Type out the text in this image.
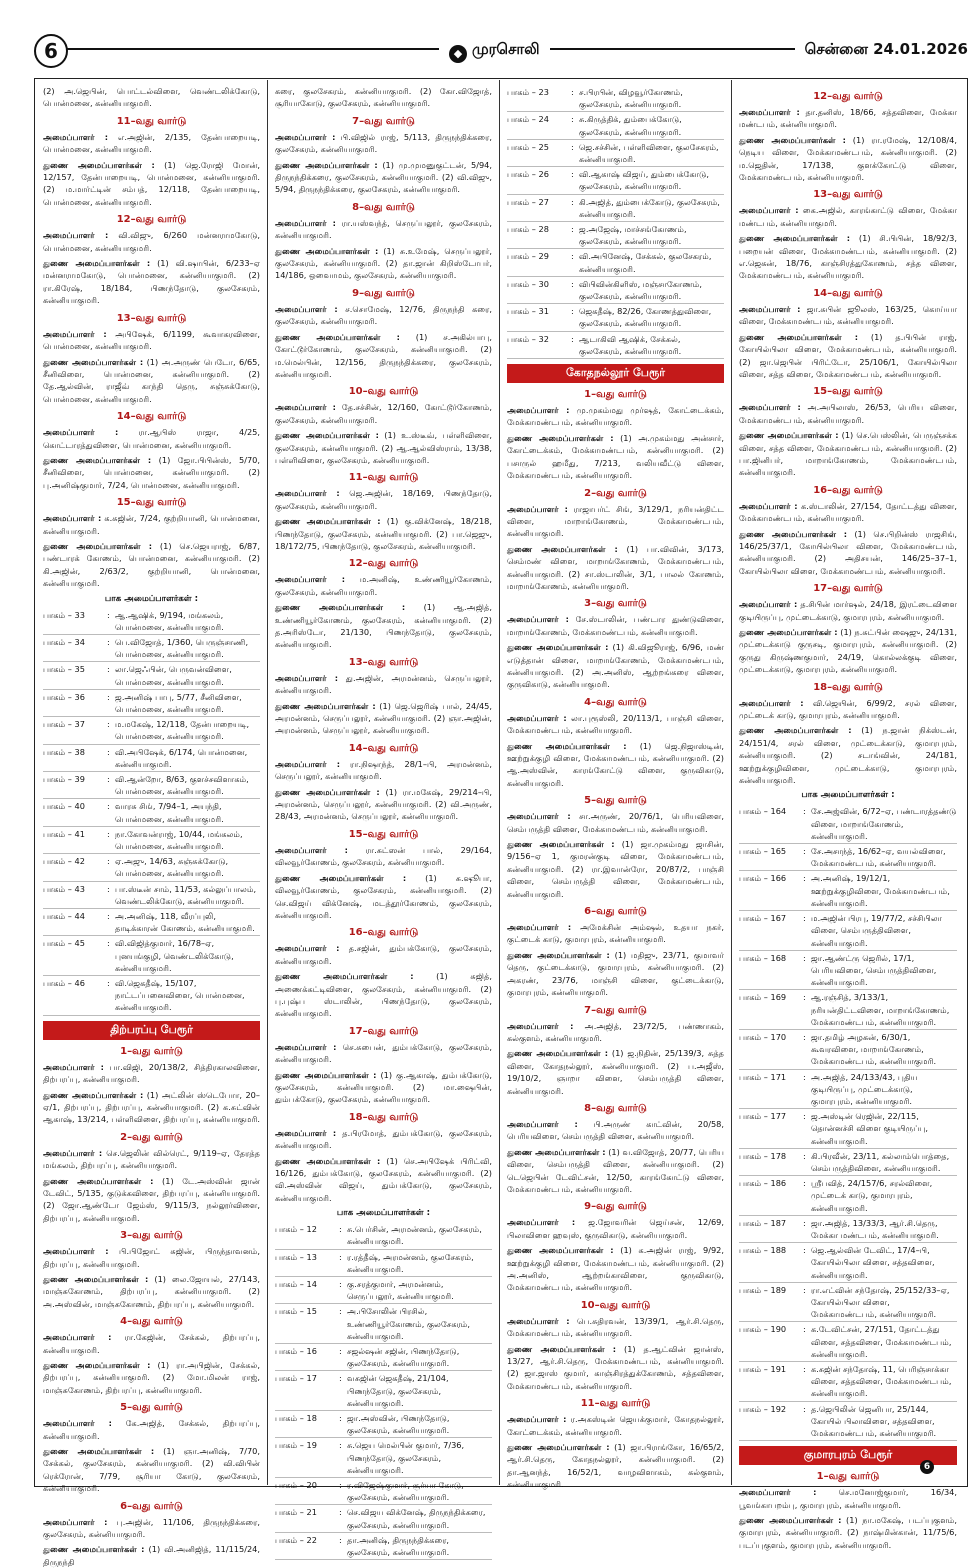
6	◆ முரசொலி	சென்னை 24.01.2026

(2) அ.ஜெபின், பொட்டல்விளை, வெண்டலிக்கோடு, பொன்மனை, கன்னியாகுமரி.

11–வது வார்டு

அமைப்பாளர் : எ.அஜின், 2/135, தேன்பாறையடி, பொன்மனை, கன்னியாகுமரி.

துணை அமைப்பாளர்கள் : (1) ஜெ.ரோஜி மோன், 12/157, தேன்பாறையடி, பொன்மனை, கன்னியாகுமரி. (2) ம.மார்ட்டின் சம்பத், 12/118, தேன்பாறையடி, பொன்மனை, கன்னியாகுமரி.

12–வது வார்டு

அமைப்பாளர் : வி.விஜு, 6/260 மன்னராமகோடு, பொன்மனை, கன்னியாகுமரி.

துணை அமைப்பாளர்கள் : (1) வி.ஷாபின், 6/233–ஏ மன்னராமகோடு, பொன்மனை, கன்னியாகுமரி. (2) ரா.கிரேஷ், 18/184, பிணந்தோடு, குலசேகரம், கன்னியாகுமரி.

13–வது வார்டு

அமைப்பாளர் : அபிஷேக், 6/1199, கூவாகரவிளை, பொன்மனை, கன்னியாகுமரி.

துணை அமைப்பாளர்கள் : (1) அ.அருண் பெடோ, 6/65, சீனிவிளை, பொன்மனை, கன்னியாகுமரி. (2) தே.ஆல்வின், ராஜீவ் காந்தி தெரு, சுஞ்சுக்கோடு, பொன்மனை, கன்னியாகுமரி.

14–வது வார்டு

அமைப்பாளர் : ரா.ஆபிஸ் ராஜா, 4/25, கொட்டாரத்துவிளை, பொன்மனை, கன்னியாகுமரி.

துணை அமைப்பாளர்கள் : (1) ஜோ.பிபின்ஸ், 5/70, சீனிவிளை, பொன்மனை, கன்னியாகுமரி. (2) பு.அனிஷ்குமார், 7/24, பொன்மனை, கன்னியாகுமரி.

15–வது வார்டு

அமைப்பாளர் : க.சுஜின், 7/24, குற்றியானி, பொன்மனை, கன்னியாகுமரி.

துணை அமைப்பாளர்கள் : (1) செ.ஜெயராஜ், 6/87, பண்டாரக் கோணம், பொன்மனை, கன்னியாகுமரி. (2) கி.அஜின், 2/63/2, குற்றியானி, பொன்மனை, கன்னியாகுமரி.

பாக அமைப்பாளர்கள் :
பாகம் – 33	: ஆ.ஆஷிக், 9/194, மங்கலம், பொன்மனை, கன்னியாகுமரி.
பாகம் – 34	: பெ.விஜோத், 1/360, பெருஞ்சாணி, பொன்மனை, கன்னியாகுமரி.
பாகம் – 35	: லா.ஜெஃபின், பெருவன்விளை, பொன்மனை, கன்னியாகுமரி.
பாகம் – 36	: ஜ.அனிஷ் பாபு, 5/77, சீனிவிளை, பொன்மனை, கன்னியாகுமரி.
பாகம் – 37	: ம.மகேஷ், 12/118, தேன்பாறையடி, பொன்மனை, கன்னியாகுமரி.
பாகம் – 38	: வி.அபிஷேக், 6/174, பொன்மனை, கன்னியாகுமரி.
பாகம் – 39	: வி.ஆன்றோ, 8/63, குளச்சவிளாகம், பொன்மனை, கன்னியாகுமரி.
பாகம் – 40	: வாரசு சிங், 7/94–1, அயந்தி, பொன்மனை, கன்னியாகுமரி.
பாகம் – 41	: நா.கோவன்ராஜ், 10/44, மங்கலம், பொன்மனை, கன்னியாகுமரி.
பாகம் – 42	: ஏ.அஜு, 14/63, சுஞ்சுக்கோடு, பொன்மனை, கன்னியாகுமரி.
பாகம் – 43	: பா.ஸ்டீன் சாம், 11/53, கல்லுப்பாலம், வெண்டலிக்கோடு, கன்னியாகுமரி.
பாகம் – 44	: அ.அனிஷ், 118, வீரப்புலி, தாடிக்காரன் கோணம், கன்னியாகுமரி.
பாகம் – 45	: வி.விஜித்குமார், 16/78–ஏ, புனயங்குழி, வெண்டலிக்கோடு, கன்னியாகுமரி.
பாகம் – 46	: வி.ஜெகதீஷ், 15/107, நாட்டப்பனைவிளை, பொன்மனை, கன்னியாகுமரி.
திற்பரப்பு பேரூர்
1–வது வார்டு

அமைப்பாளர் : பா.விஜி, 20/138/2, சித்திரகாலவிளை, திற்பரப்பு, கன்னியாகுமரி.

துணை அமைப்பாளர்கள் : (1) அட்லின் ஸ்டெபோா, 20–ஏ/1, திற்பரப்பு, திற்பரப்பு, கன்னியாகுமரி. (2) க.சுட்வின் ஆகாஷ், 13/214, பள்ளிவிளை, திற்பரப்பு, கன்னியாகுமரி.

2–வது வார்டு

அமைப்பாளர் : செ.ஜெலின் வில்ரெட், 9/119–ஏ, தேரத்த மங்கலம், திற்பரப்பு, கன்னியாகுமரி.

துணை அமைப்பாளர்கள் : (1) டே.அஸ்வின் ஜான் டேவிட், 5/135, குடுக்கவிளை, திற்பரப்பு, கன்னியாகுமரி. (2) ஜோ.ஆண்டோ ஜேம்ஸ், 9/115/3, நல்லூர்விளை, திற்பரப்பு, கன்னியாகுமரி.

3–வது வார்டு

அமைப்பாளர் : பி.பிஜோட் சுஜின், பிருந்தாவனம், திற்பரப்பு, கன்னியாகுமரி.

துணை அமைப்பாளர்கள் : (1) லை.ஜோயல், 27/143, மாஞ்சுகோணம், திற்பரப்பு, கன்னியாகுமரி. (2) அ.அஸ்வின், மாஞ்சுகோணம், திற்பரப்பு, கன்னியாகுமரி.

4–வது வார்டு

அமைப்பாளர் : ரா.கேஜின், சேக்கல், திற்பரப்பு, கன்னியாகுமரி.

துணை அமைப்பாளர்கள் : (1) ரா.அபிஜின், சேக்கல், திற்பரப்பு, கன்னியாகுமரி. (2) மோ.மிலன் ராஜ், மாஞ்சுகோணம், திற்பரப்பு, கன்னியாகுமரி.

5–வது வார்டு

அமைப்பாளர் : கே.அஜித், சேக்கல், திற்பரப்பு, கன்னியாகுமரி.

துணை அமைப்பாளர்கள் : (1) ஞா.அனிஷ், 7/70, சேக்கல், குலசேகரம், கன்னியாகுமரி. (2) வி.விபின் ரெக்ரோன், 7/79, சூரியா கோடு, குலசேகரம், கன்னியாகுமரி.

6–வது வார்டு

அமைப்பாளர் : பு.அஜின், 11/106, திருநந்திக்கரை, குலசேகரம், கன்னியாகுமரி.

துணை அமைப்பாளர்கள் : (1) வி.அனிஜித், 11/115/24, திருநந்தி

கரை, குலசேகரம், கன்னியாகுமரி. (2) கோ.விஜோத், சூரியாகோடு, குலசேகரம், கன்னியாகுமரி.

7–வது வார்டு

அமைப்பாளர் : பி.விஜில் ராஜ், 5/113, திருநந்திக்கரை, குலசேகரம், கன்னியாகுமரி.

துணை அமைப்பாளர்கள் : (1) மு.முமனுகுட்டன், 5/94, திருநந்திக்கரை, குலசேகரம், கன்னியாகுமரி. (2) வி.விஜு, 5/94, திருநந்திக்கரை, குலசேகரம், கன்னியாகுமரி.

8–வது வார்டு

அமைப்பாளர் : ரா.யஸ்வந்த், செருப்பலூர், குலசேகரம், கன்னியாகுமரி.

துணை அமைப்பாளர்கள் : (1) சு.உமேஷ், செருப்பலூர், குலசேகரம், கன்னியாகுமரி. (2) தா.ஜான் கிறிஸ்டோபர், 14/186, ஒவைாமம், குலசேகரம், கன்னியாகுமரி.

9–வது வார்டு

அமைப்பாளர் : ச.சொமேஷ், 12/76, திருநந்தி கரை, குலசேகரம், கன்னியாகுமரி.

துணை அமைப்பாளர்கள் : (1) ச.அகில்பாபு, கோட்டூர்கோணம், குலசேகரம், கன்னியாகுமரி. (2) ம.மெல்பின், 12/156, திருநந்திக்கரை, குலசேகரம், கன்னியாகுமரி.

10–வது வார்டு

அமைப்பாளர் : தே.சச்சின், 12/160, கோட்டூர்கோணம், குலசேகரம், கன்னியாகுமரி.

துணை அமைப்பாளர்கள் : (1) உ.ஸ்டீவ், பள்ளிவிளை, குலசேகரம், கன்னியாகுமரி. (2) ஆ.ஆல்விஸ்ராம், 13/38, பள்ளிவிளை, குலசேகரம், கன்னியாகுமரி.

11–வது வார்டு

அமைப்பாளர் : ஜெ.அஜின், 18/169, பிணந்தோடு, குலசேகரம், கன்னியாகுமரி.

துணை அமைப்பாளர்கள் : (1) கு.விக்னேஷ், 18/218, பிணந்தோடு, குலசேகரம், கன்னியாகுமரி. (2) பா.ஜெஜு, 18/172/75, பிணந்தோடு, குலசேகரம், கன்னியாகுமரி.

12–வது வார்டு

அமைப்பாளர் : ம.அனிஷ், உண்ணியூர்கோணம், குலசேகரம், கன்னியாகுமரி.

துணை அமைப்பாளர்கள் : (1) ஆ.அஜித், உண்ணியூர்கோணம், குலசேகரம், கன்னியாகுமரி. (2) த.அரிஸ்டோ, 21/130, பிணந்தோடு, குலசேகரம், கன்னியாகுமரி.

13–வது வார்டு

அமைப்பாளர் : து.அஜின், அரமன்னம், செருப்பலூர், கன்னியாகுமரி.

துணை அமைப்பாளர்கள் : (1) ஜெ.ஜெரிஷ் பால், 24/45, அரமன்னம், செருப்பலூர், கன்னியாகுமரி. (2) ஞா.அஜின், அரமன்னம், செருப்பலூர், கன்னியாகுமரி.

14–வது வார்டு

அமைப்பாளர் : ரா.நிஷாந்த், 28/1–பி, அரமன்னம், செருப்பலூர், கன்னியாகுமரி.

துணை அமைப்பாளர்கள் : (1) ரா.மகேஷ், 29/214–பி, அரமன்னம், செருப்பலூர், கன்னியாகுமரி. (2) வி.அருண், 28/43, அரமன்னம், செருப்பலூர், கன்னியாகுமரி.

15–வது வார்டு

அமைப்பாளர் : ரா.சுட்ஸன் பால், 29/164, விலவூர்கோணம், குலசேகரம், கன்னியாகுமரி.

துணை அமைப்பாளர்கள் : (1) சு.ஷூபா, விலவூர்கோணம், குலசேகரம், கன்னியாகுமரி. (2) செ.விஜய் விக்னேஷ், மடத்தூர்கோணம், குலசேகரம், கன்னியாகுமரி.

16–வது வார்டு

அமைப்பாளர் : த.சஜின், தும்பக்கோடு, குலசேகரம், கன்னியாகுமரி.

துணை அமைப்பாளர்கள் : (1) சுஜித், அணைக்கட்டிவிளை, குலசேகரம், கன்னியாகுமரி. (2) பு.புஷ்ப ஸ்டாலின், பிணந்தோடு, குலசேகரம், கன்னியாகுமரி.

17–வது வார்டு

அமைப்பாளர் : செ.சுபைன், தும்பக்கோடு, குலசேகரம், கன்னியாகுமரி.

துணை அமைப்பாளர்கள் : (1) கு.ஆகாஷ், தும்பக்கோடு, குலசேகரம், கன்னியாகுமரி. (2) மா.ஷைபின், தும்பக்கோடு, குலசேகரம், கன்னியாகுமரி.

18–வது வார்டு

அமைப்பாளர் : த.பிரமோத், தும்பக்கோடு, குலசேகரம், கன்னியாகுமரி.

துணை அமைப்பாளர்கள் : (1) செ.அபிஷேக் பிரிட்வி, 16/126, தும்பக்கோடு, குலசேகரம், கன்னியாகுமரி. (2) வி.அஸ்வின் விஜய், தும்பக்கோடு, குலசேகரம், கன்னியாகுமரி.

பாக அமைப்பாளர்கள் :
பாகம் – 12	: சு.பெர்சின், அரமன்னம், குலசேகரம், கன்னியாகுமரி.
பாகம் – 13	: ர.ரத்தீஷ், அரமன்னம், குலசேகரம், கன்னியாகுமரி.
பாகம் – 14	: கு.சரத்குமார், அரமன்னம், செருப்பலூர், கன்னியாகுமரி.
பாகம் – 15	: அ.பிசோலின் பிரசில், உண்ணியூர்கோணம், குலசேகரம், கன்னியாகுமரி.
பாகம் – 16	: சஜல்ஷன் சஜின், பிணந்தோடு, குலசேகரம், கன்னியாகுமரி.
பாகம் – 17	: வசுஜின் ஜெகதீஷ், 21/104, பிணந்தோடு, குலசேகரம், கன்னியாகுமரி.
பாகம் – 18	: ஜா.அஸ்வின், பிணந்தோடு, குலசேகரம், கன்னியாகுமரி.
பாகம் – 19	: சு.ஜெய மெல்பின் குமார், 7/36, பிணந்தோடு, குலசேகரம், கன்னியாகுமரி.
பாகம் – 20	: ர.விஜேஷ்குமார், சூர்யா கோடு, குலசேகரம், கன்னியாகுமரி.
பாகம் – 21	: செ.விஜய விக்னேஷ், திருநந்திக்கரை, குலசேகரம், கன்னியாகுமரி.
பாகம் – 22	: தா.அனிஷ், திருநந்திக்கரை, குலசேகரம், கன்னியாகுமரி.
பாகம் – 23	: ச.பிரபின், விழவூர்கோணம், குலசேகரம், கன்னியாகுமரி.
பாகம் – 24	: சு.கிருத்திக், தும்பைக்கோடு, குலசேகரம், கன்னியாகுமரி.
பாகம் – 25	: ஜெ.சச்சின், பள்ளிவிளை, குலசேகரம், கன்னியாகுமரி.
பாகம் – 26	: வி.ஆகாஷ் விஜய், தும்பைக்கோடு, குலசேகரம், கன்னியாகுமரி.
பாகம் – 27	: கி.அஜித், தும்பைக்கோடு, குலசேகரம், கன்னியாகுமரி.
பாகம் – 28	: ஜ.அஜேஷ், மாச்சங்கோணம், குலசேகரம், கன்னியாகுமரி.
பாகம் – 29	: வி.அபினேஷ், சேக்கல், குலசேகரம், கன்னியாகுமரி.
பாகம் – 30	: விபிவின்கிளிஸ், மஞ்சாகோணம், குலசேகரம், கன்னியாகுமரி.
பாகம் – 31	: ஜெகதீஷ், 82/26, கோணத்துவிளை, குலசேகரம், கன்னியாகுமரி.
பாகம் – 32	: ஆடாகிவி ஆஷிக், சேக்கல், குலசேகரம், கன்னியாகுமரி.
கோதநல்லூர் பேரூர்
1–வது வார்டு

அமைப்பாளர் : மு.முகம்மது முர்ஷத், கோட்டைக்கம், மேக்காமண்டபம், கன்னியாகுமரி.

துணை அமைப்பாளர்கள் : (1) அ.முகம்மது அன்சார், கோட்டைக்கம், மேக்காமண்டபம், கன்னியாகுமரி. (2) பசாருல் ஹமீது, 7/213, வலியவீட்டு விளை, மேக்காமண்டபம், கன்னியாகுமரி.

2–வது வார்டு

அமைப்பாளர் : ராஜாபர்ட் சிங், 3/129/1, நரியன்திட்ட விளை, மாறாங்கோணம், மேக்காமண்டபம், கன்னியாகுமரி.

துணை அமைப்பாளர்கள் : (1) பா.விவின், 3/173, செம்மண் விளை, மாறாங்கோணம், மேக்காமண்டபம், கன்னியாகுமரி. (2) சா.ஸ்டாலின், 3/1, பாலல் கோணம், மாறாங்கோணம், கன்னியாகுமரி.

3–வது வார்டு

அமைப்பாளர் : சே.ஸ்டாலின், பண்டார துண்டுவிளை, மாறாங்கோணம், மேக்காமண்டபம், கன்னியாகுமரி.

துணை அமைப்பாளர்கள் : (1) கி.விஜூராஜ், 6/96, மண் எடுத்தான் விளை, மாறாங்கோணம், மேக்காமண்டபம், கன்னியாகுமரி. (2) அ.அனிஸ், ஆற்றங்கரை விளை, குருவிகாடு, கன்னியாகுமரி.

4–வது வார்டு

அமைப்பாளர் : லா.புரூஸ்லி, 20/113/1, பாஞ்சி விளை, மேக்காமண்டபம், கன்னியாகுமரி.

துணை அமைப்பாளர்கள் : (1) ஜெ.நிஜாஸ்டின், ஊற்றுக்குழி விளை, மேக்காமண்டபம், கன்னியாகுமரி. (2) ஆ.அஸ்வின், காரங்கோட்டு விளை, குருவிகாடு, கன்னியாகுமரி.

5–வது வார்டு

அமைப்பாளர் : சா.அருண், 20/76/1, பெரியவிளை, செம்பருத்தி விளை, மேக்காமண்டபம், கன்னியாகுமரி.

துணை அமைப்பாளர்கள் : (1) ஜா.முகம்மது ஜாசின், 9/156–ஏ 1, குமரன்குடி விளை, மேக்காமண்டபம், கன்னியாகுமரி. (2) ரா.இவான்ரோ, 20/87/2, பாஞ்சி விளை, செம்பருத்தி விளை, மேக்காமண்டபம், கன்னியாகுமரி.

6–வது வார்டு

அமைப்பாளர் : அமேக்சின் அம்ஷல், உதயா நகர், குட்டைக் காடு, குமாரபுரம், கன்னியாகுமரி.

துணை அமைப்பாளர்கள் : (1) மதிஜு, 23/71, குமாவர் தெரு, குட்டைக்காடு, குமாரபுரம், கன்னியாகுமரி. (2) அகரண், 23/76, மாஞ்சி விளை, குட்டைக்காடு, குமாரபுரம், கன்னியாகுமரி.

7–வது வார்டு

அமைப்பாளர் : அ.அஜித், 23/72/5, பண்ணாகம், கல்குளம், கன்னியாகுமரி.

துணை அமைப்பாளர்கள் : (1) ஜ.நிதின், 25/139/3, சுத்த விளை, கோதநல்லூர், கன்னியாகுமரி. (2) ப.அஜீஸ், 19/10/2, ஞாறா விளை, செம்பருத்தி விளை, கன்னியாகுமரி.

8–வது வார்டு

அமைப்பாளர் : பி.அருண் காட்வின், 20/58, பெரியவிளை, செம்பருத்தி விளை, கன்னியாகுமரி.

துணை அமைப்பாளர்கள் : (1) வ.விஜோத், 20/77, பெரிய விளை, செம்பருத்தி விளை, கன்னியாகுமரி. (2) டெஜெபின் டேவிட்சன், 12/50, காரங்கோட்டு விளை, மேக்காமண்டபம், கன்னியாகுமரி.

9–வது வார்டு

அமைப்பாளர் : ஜ.ஜோவரின் ஜெய்சன், 12/69, பிலாவிளை ஹவுஸ், குருவிகாடு, கன்னியாகுமரி.

துணை அமைப்பாளர்கள் : (1) க.அஜின் ராஜ், 9/92, ஊற்றுக்குழி விளை, மேக்காமண்டபம், கன்னியாகுமரி. (2) அ.அனிஸ், ஆற்றங்காவிளை, குருவிகாடு, மேக்காமண்டபம், கன்னியாகுமரி.

10–வது வார்டு

அமைப்பாளர் : பெ.சுதிரவன், 13/39/1, ஆர்.சி.தெரு, மேக்காமண்டபம், கன்னியாகுமரி.

துணை அமைப்பாளர்கள் : (1) த.ஆட்வின் ஜான்ஸ், 13/27, ஆர்.சி.தெரு, மேக்காமண்டபம், கன்னியாகுமரி. (2) ஜா.ஜாஸ் குமார், காஞ்சிரத்துக்கோணம், சத்தவிளை, மேக்காமண்டபம், கன்னியாகுமரி.

11–வது வார்டு

அமைப்பாளர் : ர.அகஸ்டின் ஜெயக்குமார், கோதநல்லூர், கோட்டைக்கம், கன்னியாகுமரி.

துணை அமைப்பாளர்கள் : (1) ஜா.பிராங்கோ, 16/65/2, ஆர்.சி.தெரு, கோதநல்லூர், கன்னியாகுமரி. (2) தா.ஆனந்த், 16/52/1, வாழவிளாகம், கல்குளம், கன்னியாகுமரி.

12–வது வார்டு

அமைப்பாளர் : தா.தனிஸ், 18/66, சத்தவிளை, மேக்கா மண்டபம், கன்னியாகுமரி.

துணை அமைப்பாளர்கள் : (1) ரா.ரமேஷ், 12/108/4, நெடிய விளை, மேக்காமண்டபம், கன்னியாகுமரி. (2) ம.ஜெதின், 17/138, குளக்கோட்டு விளை, மேக்காமண்டபம், கன்னியாகுமரி.

13–வது வார்டு

அமைப்பாளர் : கை.அஜில், காரங்காட்டு விளை, மேக்கா மண்டபம், கன்னியாகுமரி.

துணை அமைப்பாளர்கள் : (1) சி.பிபின், 18/92/3, பறையன் விளை, மேக்காமண்டபம், கன்னியாகுமரி. (2) எ.ஜெகன், 18/76, காஞ்சிரத்துகோணம், சத்த விளை, மேக்காமண்டபம், கன்னியாகுமரி.

14–வது வார்டு

அமைப்பாளர் : ஜா.சுபின் ஜூலஸ், 163/25, கொய்யா விளை, மேக்காமண்டபம், கன்னியாகுமரி.

துணை அமைப்பாளர்கள் : (1) த.பிபின் ராஜ், கோயில்பிலா விளை, மேக்காமண்டபம், கன்னியாகுமரி. (2) ஜா.ஜெபின் பிரிட்டோ, 25/106/1, கோயில்பிலா விளை, சத்த விளை, மேக்காமண்டபம், கன்னியாகுமரி.

15–வது வார்டு

அமைப்பாளர் : அ.அபிலாஸ், 26/53, பெரிய விளை, மேக்காமண்டபம், கன்னியாகுமரி.

துணை அமைப்பாளர்கள் : (1) செ.பெஸ்லின், பெருஞ்சக்க விளை, சத்த விளை, மேக்காமண்டபம், கன்னியாகுமரி. (2) பா.ஜினிபர், மாறாங்கோணம், மேக்காமண்டபம், கன்னியாகுமரி.

16–வது வார்டு

அமைப்பாளர் : க.ஸ்டாலின், 27/154, தோட்டத்து விளை, மேக்காமண்டபம், கன்னியாகுமரி.

துணை அமைப்பாளர்கள் : (1) செ.பிறின்ஸ் ராஜசிங், 146/25/37/1, கோயில்பிலா விளை, மேக்காமண்டபம், கன்னியாகுமரி. (2) அதிசயன், 146/25–37–1, கோயில்பிலா விளை, மேக்காமண்டபம், கன்னியாகுமரி.

17–வது வார்டு

அமைப்பாளர் : த.சிபின் மார்ஷல், 24/18, இரட்டைவிளை குடியிருப்பு, முட்டைக்காடு, குமாரபுரம், கன்னியாகுமரி.

துணை அமைப்பாளர்கள் : (1) ந.சுட்பின் ஷைஜு, 24/131, முட்டைக்காடு குருசடி, குமாரபுரம், கன்னியாகுமரி. (2) குருது கிருஷ்ணகுமார், 24/19, கொல்லக்குடி விளை, முட்டைக்காடு, குமாரபுரம், கன்னியாகுமரி.

18–வது வார்டு

அமைப்பாளர் : வி.ஜெயின், 6/99/2, சரல் விளை, முட்டைக் காடு, குமாரபுரம், கன்னியாகுமரி.

துணை அமைப்பாளர்கள் : (1) ந.ஜான் நிக்ஸ்டன், 24/151/4, சரல் விளை, முட்டைக்காடு, குமாரபுரம், கன்னியாகுமரி. (2) சடாங்வின், 24/181, ஊற்றுக்குழிவிளை, முட்டைக்காடு, குமாரபுரம், கன்னியாகுமரி.

பாக அமைப்பாளர்கள் :
பாகம் – 164	: சே.அஜ்வின், 6/72–ஏ, பண்டாரத்தண்டு விளை, மாறாங்கோணம், கன்னியாகுமரி.
பாகம் – 165	: சே.அசாந்த், 16/62–ஏ, வயல்விளை, மேக்காமண்டபம், கன்னியாகுமரி.
பாகம் – 166	: அ.அனிஷ், 19/12/1, ஊற்றுக்குழிவிளை, மேக்காமண்டபம், கன்னியாகுமரி.
பாகம் – 167	: ம.அஜின் பிரபு, 19/77/2, சச்சிபிலா விளை, செம்பருத்திவிளை, கன்னியாகுமரி.
பாகம் – 168	: ஜா.ஆண்ட்ரு ஜெரில், 17/1, பெரியவிளை, செம்பருத்திவிளை, கன்னியாகுமரி.
பாகம் – 169	: ஆ.ரஞ்சித், 3/133/1, நரியன்திட்டவிளை, மாறாங்கோணம், மேக்காமண்டபம், கன்னியாகுமரி.
பாகம் – 170	: ஜா.தமிழ் அழகன், 6/30/1, கூவரவிளை, மாறாங்கோணம், மேக்காமண்டபம், கன்னியாகுமரி.
பாகம் – 171	: அ.அஜித், 24/133/43, புதிய குடியிருப்பு, முட்டைக்காடு, குமாரபுரம், கன்னியாகுமரி.
பாகம் – 177	: ஜ.அஸ்டின் ரெஜின், 22/115, தொன்னச்சி விளை குடியிருப்பு, கன்னியாகுமரி.
பாகம் – 178	: கி.பிரவீன், 23/11, கல்லாம்பொத்தை, செம்பருத்திவிளை, கன்னியாகுமரி.
பாகம் – 186	: ஸ்ரீபவித், 24/157/6, சரல்விளை, முட்டைக் காடு, குமாரபுரம், கன்னியாகுமரி.
பாகம் – 187	: ஜா.அஜித், 13/33/3, ஆர்.சி.தெரு, மேக்கா மண்டபம், கன்னியாகுமரி.
பாகம் – 188	: ஜெ.ஆல்வின் டேவிட், 17/4–பி, கோயில்பிலா விளை, சத்தவிளை, கன்னியாகுமரி.
பாகம் – 189	: ரா.எட்வின் சந்தோஷ், 25/152/33–ஏ, கோயில்பிலா விளை, மேக்காமண்டபம், கன்னியாகுமரி.
பாகம் – 190	: க.டேவிட்சன், 27/151, தோட்டத்து விளை, சத்தவிளை, மேக்காமண்டபம், கன்னியாகுமரி.
பாகம் – 191	: க.சுஜின் சந்தோஷ், 11, பெரிஞ்சாக்கா விளை, சத்தவிளை, மேக்காமண்டபம், கன்னியாகுமரி.
பாகம் – 192	: த.ஜெபிலின் ஜெனிபா, 25/144, கோயில் பிலாவிளை, சத்தவிளை, மேக்காமண்டபம், கன்னியாகுமரி.
குமாரபுரம் பேரூர்
1–வது வார்டு

அமைப்பாளர் : செ.மனோஜ்குமார், 16/34, பூவங்காபறம்பு, குமாரபுரம், கன்னியாகுமரி.

துணை அமைப்பாளர்கள் : (1) நா.மகேஷ், படப்புகுளம், குமாரபுரம், கன்னியாகுமரி. (2) நாஷ்மின்கான், 11/75/6, படப்புகுளம், குமாரபுரம், கன்னியாகுமரி.

6
